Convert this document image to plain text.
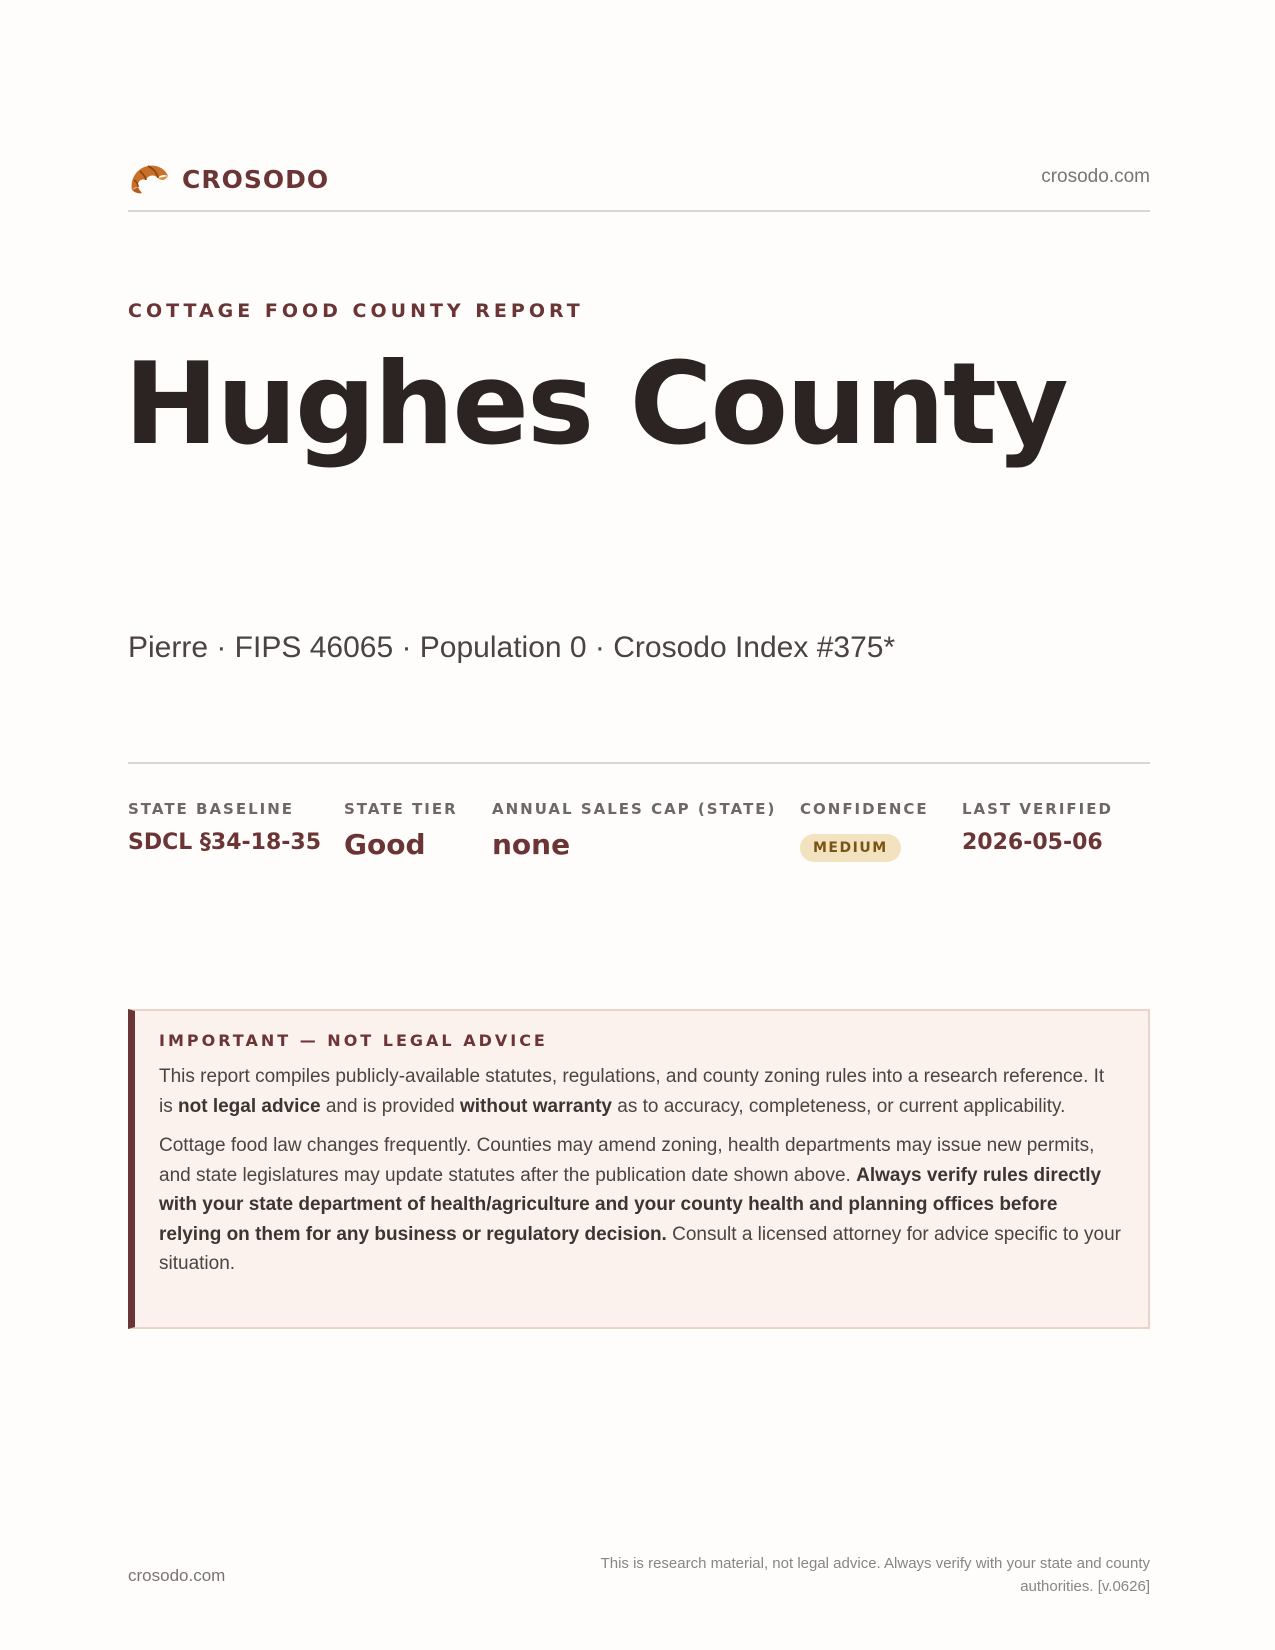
CROSODO	crosodo.com
COTTAGE FOOD COUNTY REPORT
Hughes County
Pierre · FIPS 46065 · Population 0 · Crosodo Index #375*
STATE BASELINE
SDCL §34-18-35
STATE TIER
Good
ANNUAL SALES CAP (STATE)
none
CONFIDENCE
MEDIUM
LAST VERIFIED
2026-05-06
IMPORTANT — NOT LEGAL ADVICE

This report compiles publicly-available statutes, regulations, and county zoning rules into a research reference. It is not legal advice and is provided without warranty as to accuracy, completeness, or current applicability.

Cottage food law changes frequently. Counties may amend zoning, health departments may issue new permits, and state legislatures may update statutes after the publication date shown above. Always verify rules directly with your state department of health/agriculture and your county health and planning offices before relying on them for any business or regulatory decision. Consult a licensed attorney for advice specific to your situation.

crosodo.com
This is research material, not legal advice. Always verify with your state and county authorities. [v.0626]
